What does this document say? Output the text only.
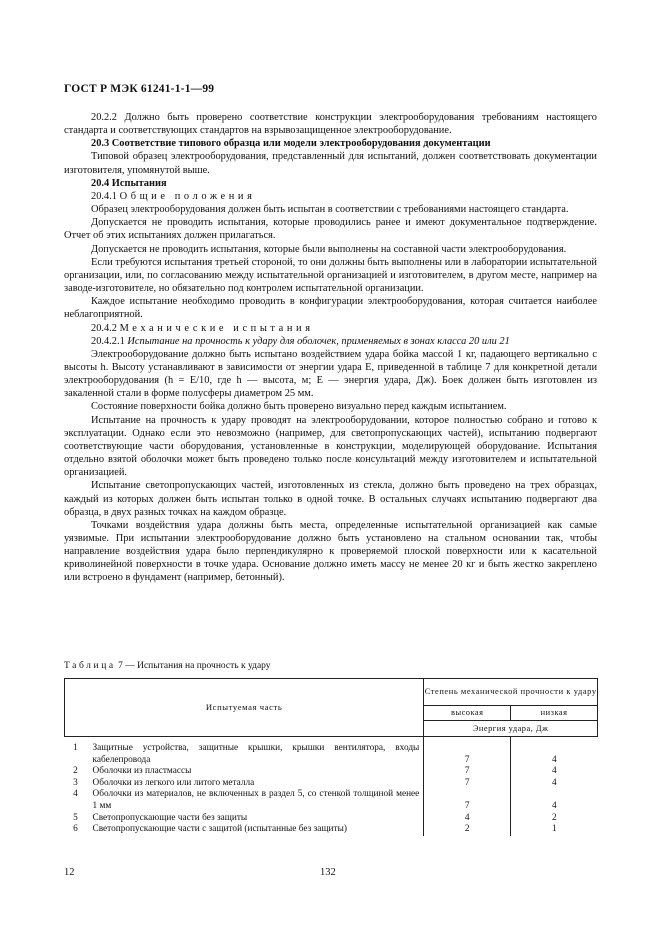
ГОСТ Р МЭК 61241-1-1—99
20.2.2 Должно быть проверено соответствие конструкции электрооборудования требованиям настоящего стандарта и соответствующих стандартов на взрывозащищенное электрооборудование.
20.3 Соответствие типового образца или модели электрооборудования документации
Типовой образец электрооборудования, представленный для испытаний, должен соответствовать документации изготовителя, упомянутой выше.
20.4 Испытания
20.4.1 Общие положения
Образец электрооборудования должен быть испытан в соответствии с требованиями настоящего стандарта.
Допускается не проводить испытания, которые проводились ранее и имеют документальное подтверждение. Отчет об этих испытаниях должен прилагаться.
Допускается не проводить испытания, которые были выполнены на составной части электрооборудования.
Если требуются испытания третьей стороной, то они должны быть выполнены или в лаборатории испытательной организации, или, по согласованию между испытательной организацией и изготовителем, в другом месте, например на заводе-изготовителе, но обязательно под контролем испытательной организации.
Каждое испытание необходимо проводить в конфигурации электрооборудования, которая считается наиболее неблагоприятной.
20.4.2 Механические испытания
20.4.2.1 Испытание на прочность к удару для оболочек, применяемых в зонах класса 20 или 21
Электрооборудование должно быть испытано воздействием удара бойка массой 1 кг, падающего вертикально с высоты h. Высоту устанавливают в зависимости от энергии удара E, приведенной в таблице 7 для конкретной детали электрооборудования (h = E/10, где h — высота, м; E — энергия удара, Дж). Боек должен быть изготовлен из закаленной стали в форме полусферы диаметром 25 мм.
Состояние поверхности бойка должно быть проверено визуально перед каждым испытанием.
Испытание на прочность к удару проводят на электрооборудовании, которое полностью собрано и готово к эксплуатации. Однако если это невозможно (например, для светопропускающих частей), испытанию подвергают соответствующие части оборудования, установленные в конструкции, моделирующей оборудование. Испытания отдельно взятой оболочки может быть проведено только после консультаций между изготовителем и испытательной организацией.
Испытание светопропускающих частей, изготовленных из стекла, должно быть проведено на трех образцах, каждый из которых должен быть испытан только в одной точке. В остальных случаях испытанию подвергают два образца, в двух разных точках на каждом образце.
Точками воздействия удара должны быть места, определенные испытательной организацией как самые уязвимые. При испытании электрооборудование должно быть установлено на стальном основании так, чтобы направление воздействия удара было перпендикулярно к проверяемой плоской поверхности или к касательной криволинейной поверхности в точке удара. Основание должно иметь массу не менее 20 кг и быть жестко закреплено или встроено в фундамент (например, бетонный).
Таблица 7 — Испытания на прочность к удару
Испытуемая часть	Степень механической прочности к удару	
	высокая	низкая
	Энергия удара, Дж	

1 Защитные устройства, защитные крышки, крышки вентилятора, входы кабелепровода	7	4

2 Оболочки из пластмассы	7	4

3 Оболочки из легкого или литого металла	7	4

4 Оболочки из материалов, не включенных в раздел 5, со стенкой толщиной менее 1 мм	7	4

5 Светопропускающие части без защиты	4	2

6 Светопропускающие части с защитой (испытанные без защиты)	2	1
12	132
